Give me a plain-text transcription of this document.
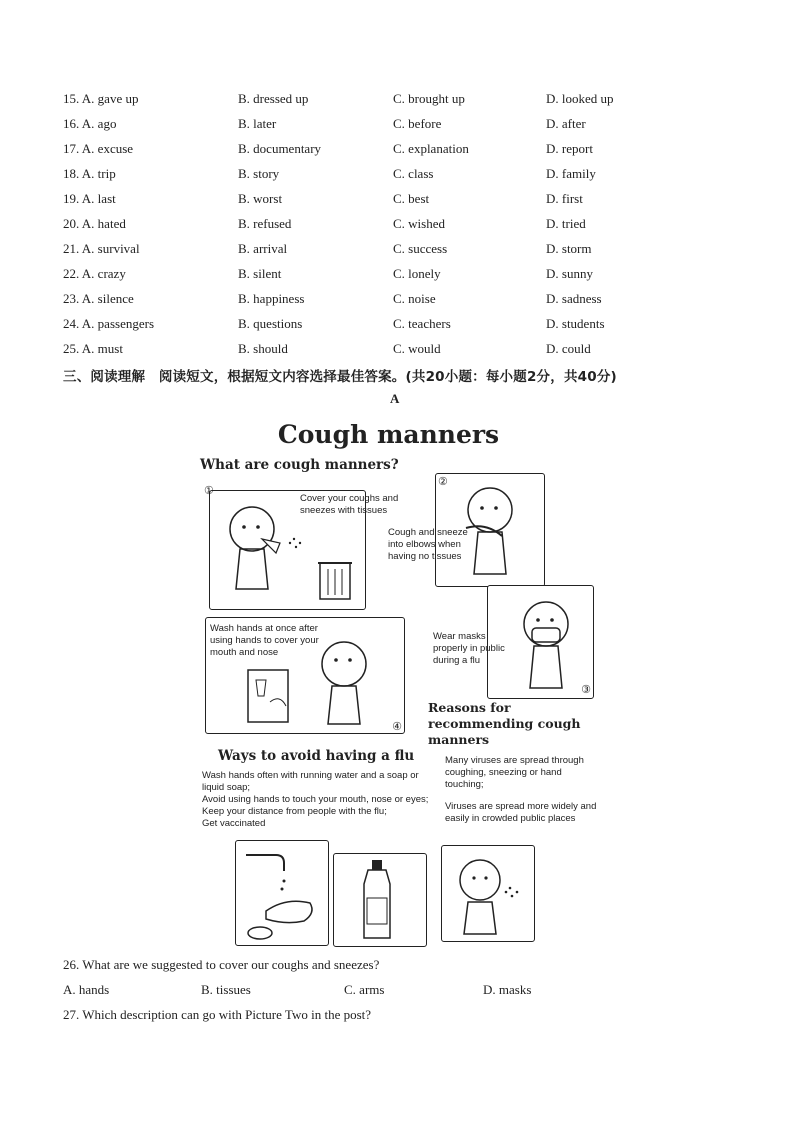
15. A. gave up	B. dressed up	C. brought up	D. looked up
16. A. ago	B. later	C. before	D. after
17. A. excuse	B. documentary	C. explanation	D. report
18. A. trip	B. story	C. class	D. family
19. A. last	B. worst	C. best	D. first
20. A. hated	B. refused	C. wished	D. tried
21. A. survival	B. arrival	C. success	D. storm
22. A. crazy	B. silent	C. lonely	D. sunny
23. A. silence	B. happiness	C. noise	D. sadness
24. A. passengers	B. questions	C. teachers	D. students
25. A. must	B. should	C. would	D. could
三、阅读理解　阅读短文，根据短文内容选择最佳答案。(共20小题：每小题2分，共40分)
A
Cough manners
What are cough manners?
①
Cover your coughs and sneezes with tissues
②
Cough and sneeze into elbows when having no tissues
③
Wear masks properly in public during a flu
④
Wash hands at once after using hands to cover your mouth and nose
Reasons for recommending cough manners
Ways to avoid having a flu
Wash hands often with running water and a soap or liquid soap;
Avoid using hands to touch your mouth, nose or eyes;
Keep your distance from people with the flu;
Get vaccinated
Many viruses are spread through coughing, sneezing or hand touching;
Viruses are spread more widely and easily in crowded public places
26. What are we suggested to cover our coughs and sneezes?
A. hands	B. tissues	C. arms	D. masks
27. Which description can go with Picture Two in the post?
